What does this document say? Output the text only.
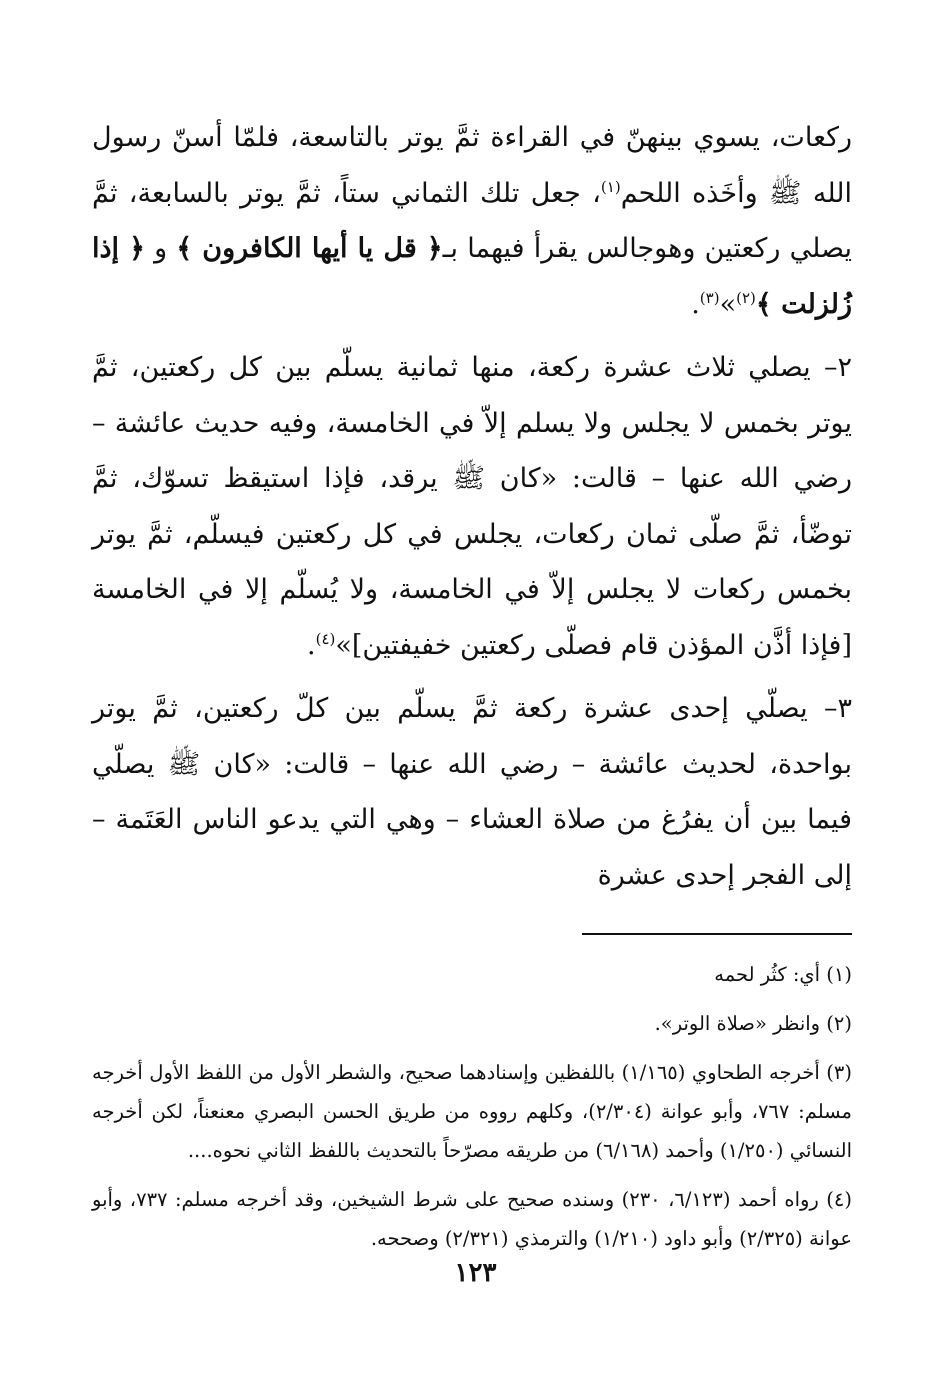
ركعات، يسوي بينهنّ في القراءة ثمَّ يوتر بالتاسعة، فلمّا أسنّ رسول الله ﷺ وأخَذه اللحم$^{(١)}$، جعل تلك الثماني ستاً، ثمَّ يوتر بالسابعة، ثمَّ يصلي ركعتين وهوجالس يقرأ فيهما بـ﴿ قل يا أيها الكافرون ﴾ و ﴿ إذا زُلزلت ﴾$^{(٢)}$»$^{(٣)}$.

٢– يصلي ثلاث عشرة ركعة، منها ثمانية يسلّم بين كل ركعتين، ثمَّ يوتر بخمس لا يجلس ولا يسلم إلاّ في الخامسة، وفيه حديث عائشة – رضي الله عنها – قالت: «كان ﷺ يرقد، فإذا استيقظ تسوّك، ثمَّ توضّأ، ثمَّ صلّى ثمان ركعات، يجلس في كل ركعتين فيسلّم، ثمَّ يوتر بخمس ركعات لا يجلس إلاّ في الخامسة، ولا يُسلّم إلا في الخامسة [فإذا أذَّن المؤذن قام فصلّى ركعتين خفيفتين]»$^{(٤)}$.

٣– يصلّي إحدى عشرة ركعة ثمَّ يسلّم بين كلّ ركعتين، ثمَّ يوتر بواحدة، لحديث عائشة – رضي الله عنها – قالت: «كان ﷺ يصلّي فيما بين أن يفرُغ من صلاة العشاء – وهي التي يدعو الناس العَتَمة – إلى الفجر إحدى عشرة

(١) أي: كثُر لحمه

(٢) وانظر «صلاة الوتر».

(٣) أخرجه الطحاوي (١/١٦٥) باللفظين وإسنادهما صحيح، والشطر الأول من اللفظ الأول أخرجه مسلم: ٧٦٧، وأبو عوانة (٢/٣٠٤)، وكلهم رووه من طريق الحسن البصري معنعناً، لكن أخرجه النسائي (١/٢٥٠) وأحمد (٦/١٦٨) من طريقه مصرّحاً بالتحديث باللفظ الثاني نحوه....

(٤) رواه أحمد (٦/١٢٣، ٢٣٠) وسنده صحيح على شرط الشيخين، وقد أخرجه مسلم: ٧٣٧، وأبو عوانة (٢/٣٢٥) وأبو داود (١/٢١٠) والترمذي (٢/٣٢١) وصححه.

١٢٣
